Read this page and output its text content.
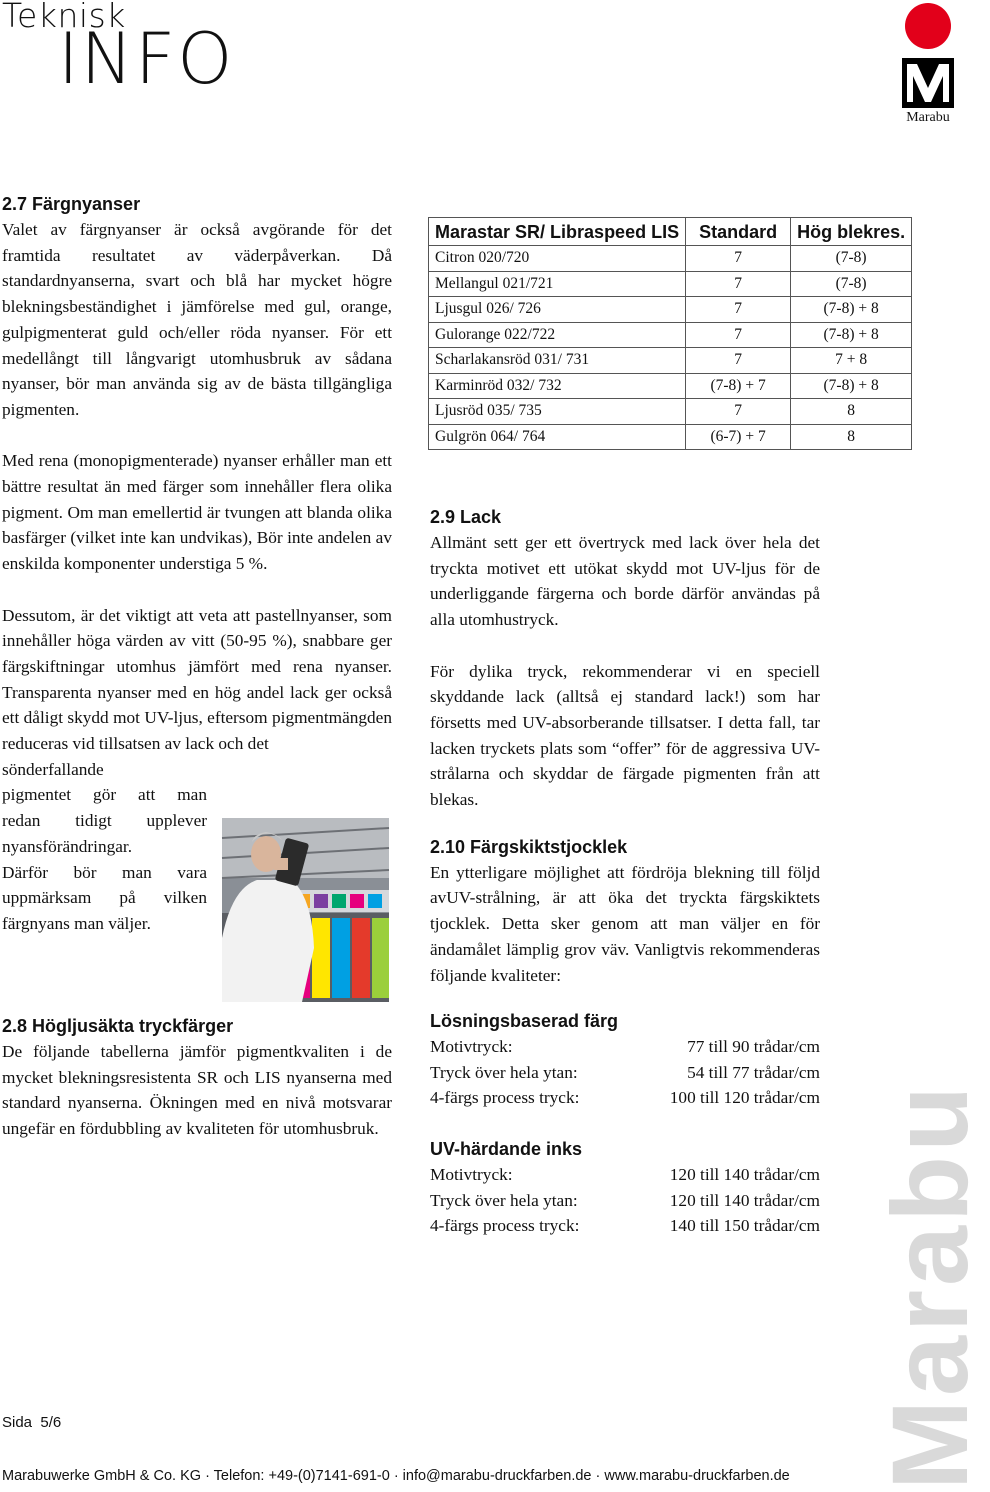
Teknisk
INFO
Marabu
Marabu
2.7 Färgnyanser

Valet av färgnyanser är också avgörande för det framtida resultatet av väderpåverkan. Då standardnyanserna, svart och blå har mycket högre blekningsbeständighet i jämförelse med gul, orange, gulpigmenterat guld och/eller röda nyanser. För ett medellångt till långvarigt utomhusbruk av sådana nyanser, bör man använda sig av de bästa tillgängliga pigmenten.

Med rena (monopigmenterade) nyanser erhåller man ett bättre resultat än med färger som innehåller flera olika pigment. Om man emellertid är tvungen att blanda olika basfärger (vilket inte kan undvikas), Bör inte andelen av enskilda komponenter understiga 5 %.

Dessutom, är det viktigt att veta att pastellnyanser, som innehåller höga värden av vitt (50-95 %), snabbare ger färgskiftningar utomhus jämfört med rena nyanser. Transparenta nyanser med en hög andel lack ger också ett dåligt skydd mot UV-ljus, eftersom pigmentmängden reduceras vid tillsatsen av lack och det

sönderfallande
pigmentet gör att man
redan tidigt upplever
nyansförändringar.
Därför bör man vara
uppmärksam på vilken
färgnyans man väljer.
2.8 Högljusäkta tryckfärger

De följande tabellerna jämför pigmentkvaliten i de mycket blekningsresistenta SR och LIS nyanserna med standard nyanserna. Ökningen med en nivå motsvarar ungefär en fördubbling av kvaliteten för utomhusbruk.

Marastar SR/ Libraspeed LIS	Standard	Hög blekres.
Citron 020/720	7	(7-8)
Mellangul 021/721	7	(7-8)
Ljusgul 026/ 726	7	(7-8) + 8
Gulorange 022/722	7	(7-8) + 8
Scharlakansröd 031/ 731	7	7 + 8
Karminröd 032/ 732	(7-8) + 7	(7-8) + 8
Ljusröd 035/ 735	7	8
Gulgrön 064/ 764	(6-7) + 7	8
2.9 Lack

Allmänt sett ger ett övertryck med lack över hela det tryckta motivet ett utökat skydd mot UV-ljus för de underliggande färgerna och borde därför användas på alla utomhustryck.

För dylika tryck, rekommenderar vi en speciell skyddande lack (alltså ej standard lack!) som har försetts med UV-absorberande tillsatser. I detta fall, tar lacken tryckets plats som “offer” för de aggressiva UV-strålarna och skyddar de färgade pigmenten från att blekas.

2.10 Färgskiktstjocklek

En ytterligare möjlighet att fördröja blekning till följd avUV-strålning, är att öka det tryckta färgskiktets tjocklek. Detta sker genom att man väljer en för ändamålet lämplig grov väv. Vanligtvis rekommenderas följande kvaliteter:

Lösningsbaserad färg
Motivtryck:	77 till 90 trådar/cm
Tryck över hela ytan:	54 till 77 trådar/cm
4-färgs process tryck:	100 till 120 trådar/cm
UV-härdande inks
Motivtryck:	120 till 140 trådar/cm
Tryck över hela ytan:	120 till 140 trådar/cm
4-färgs process tryck:	140 till 150 trådar/cm
Sida  5/6
Marabuwerke GmbH & Co. KG · Telefon: +49-(0)7141-691-0 · info@marabu-druckfarben.de · www.marabu-druckfarben.de
